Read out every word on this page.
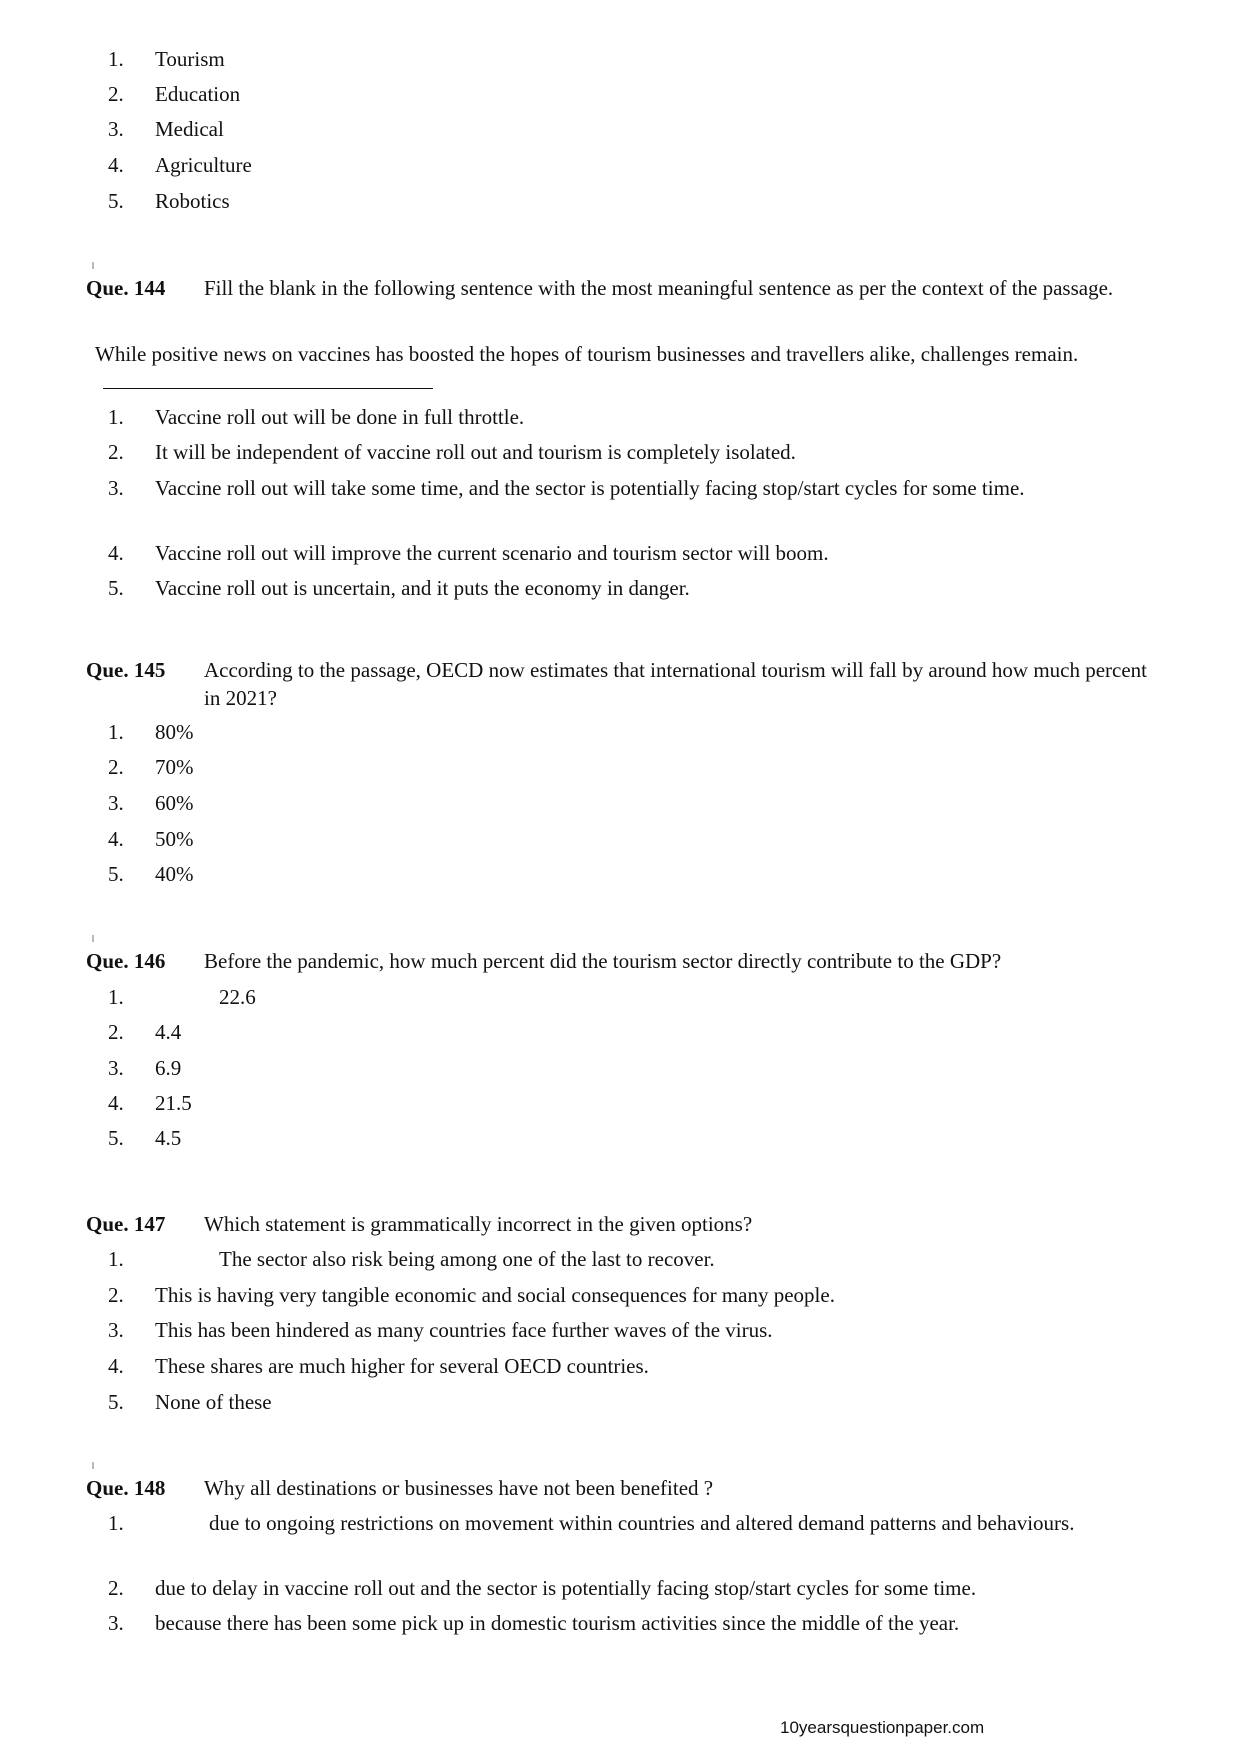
1. Tourism
2. Education
3. Medical
4. Agriculture
5. Robotics
Que. 144 Fill the blank in the following sentence with the most meaningful sentence as per the context of the passage.
While positive news on vaccines has boosted the hopes of tourism businesses and travellers alike, challenges remain.
1. Vaccine roll out will be done in full throttle.
2. It will be independent of vaccine roll out and tourism is completely isolated.
3. Vaccine roll out will take some time, and the sector is potentially facing stop/start cycles for some time.
4. Vaccine roll out will improve the current scenario and tourism sector will boom.
5. Vaccine roll out is uncertain, and it puts the economy in danger.
Que. 145 According to the passage, OECD now estimates that international tourism will fall by around how much percent in 2021?
1. 80%
2. 70%
3. 60%
4. 50%
5. 40%
Que. 146 Before the pandemic, how much percent did the tourism sector directly contribute to the GDP?
1.	22.6
2. 4.4
3. 6.9
4. 21.5
5. 4.5
Que. 147 Which statement is grammatically incorrect in the given options?
1.	The sector also risk being among one of the last to recover.
2. This is having very tangible economic and social consequences for many people.
3. This has been hindered as many countries face further waves of the virus.
4. These shares are much higher for several OECD countries.
5. None of these
Que. 148 Why all destinations or businesses have not been benefited ?
1.	due to ongoing restrictions on movement within countries and altered demand patterns and behaviours.
2. due to delay in vaccine roll out and the sector is potentially facing stop/start cycles for some time.
3. because there has been some pick up in domestic tourism activities since the middle of the year.
10yearsquestionpaper.com
